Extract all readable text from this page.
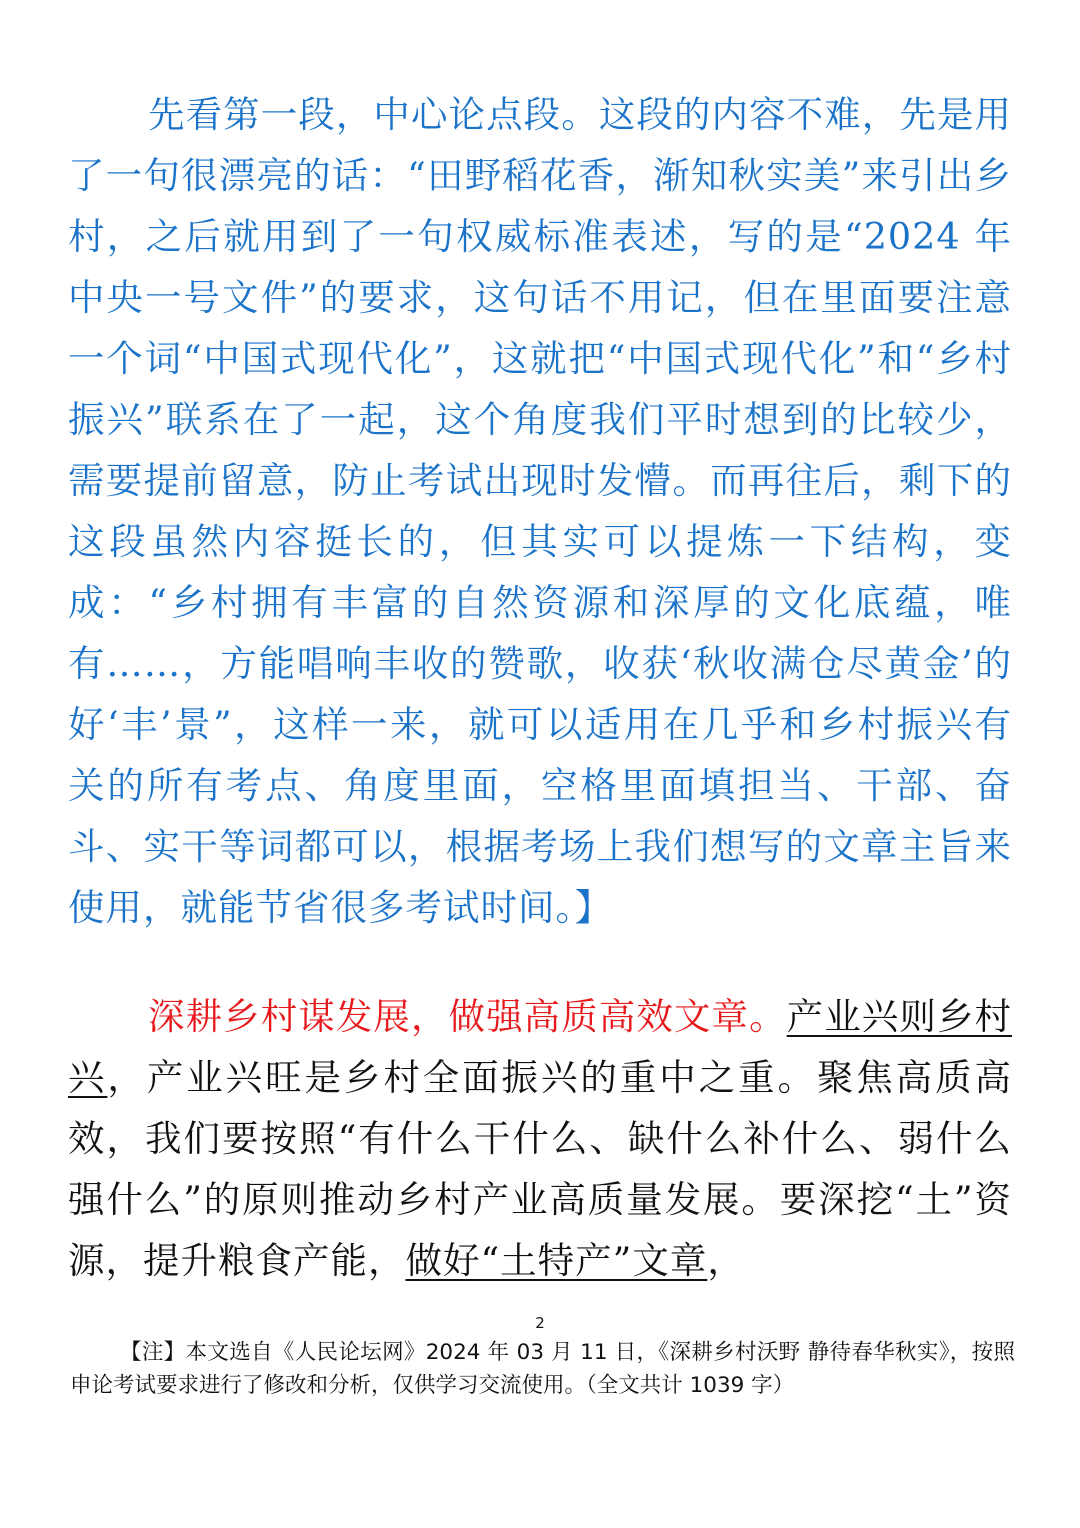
先看第一段，中心论点段。这段的内容不难，先是用了一句很漂亮的话：“田野稻花香，渐知秋实美”来引出乡村，之后就用到了一句权威标准表述，写的是“2024 年中央一号文件”的要求，这句话不用记，但在里面要注意一个词“中国式现代化”，这就把“中国式现代化”和“乡村振兴”联系在了一起，这个角度我们平时想到的比较少，需要提前留意，防止考试出现时发懵。而再往后，剩下的这段虽然内容挺长的，但其实可以提炼一下结构，变成：“乡村拥有丰富的自然资源和深厚的文化底蕴，唯有……，方能唱响丰收的赞歌，收获‘秋收满仓尽黄金’的好‘丰’景”，这样一来，就可以适用在几乎和乡村振兴有关的所有考点、角度里面，空格里面填担当、干部、奋斗、实干等词都可以，根据考场上我们想写的文章主旨来使用，就能节省很多考试时间。】

深耕乡村谋发展，做强高质高效文章。产业兴则乡村兴，产业兴旺是乡村全面振兴的重中之重。聚焦高质高效，我们要按照“有什么干什么、缺什么补什么、弱什么强什么”的原则推动乡村产业高质量发展。要深挖“土”资源，提升粮食产能，做好“土特产”文章，

2

【注】本文选自《人民论坛网》2024 年 03 月 11 日，《深耕乡村沃野 静待春华秋实》，按照申论考试要求进行了修改和分析，仅供学习交流使用。（全文共计 1039 字）
